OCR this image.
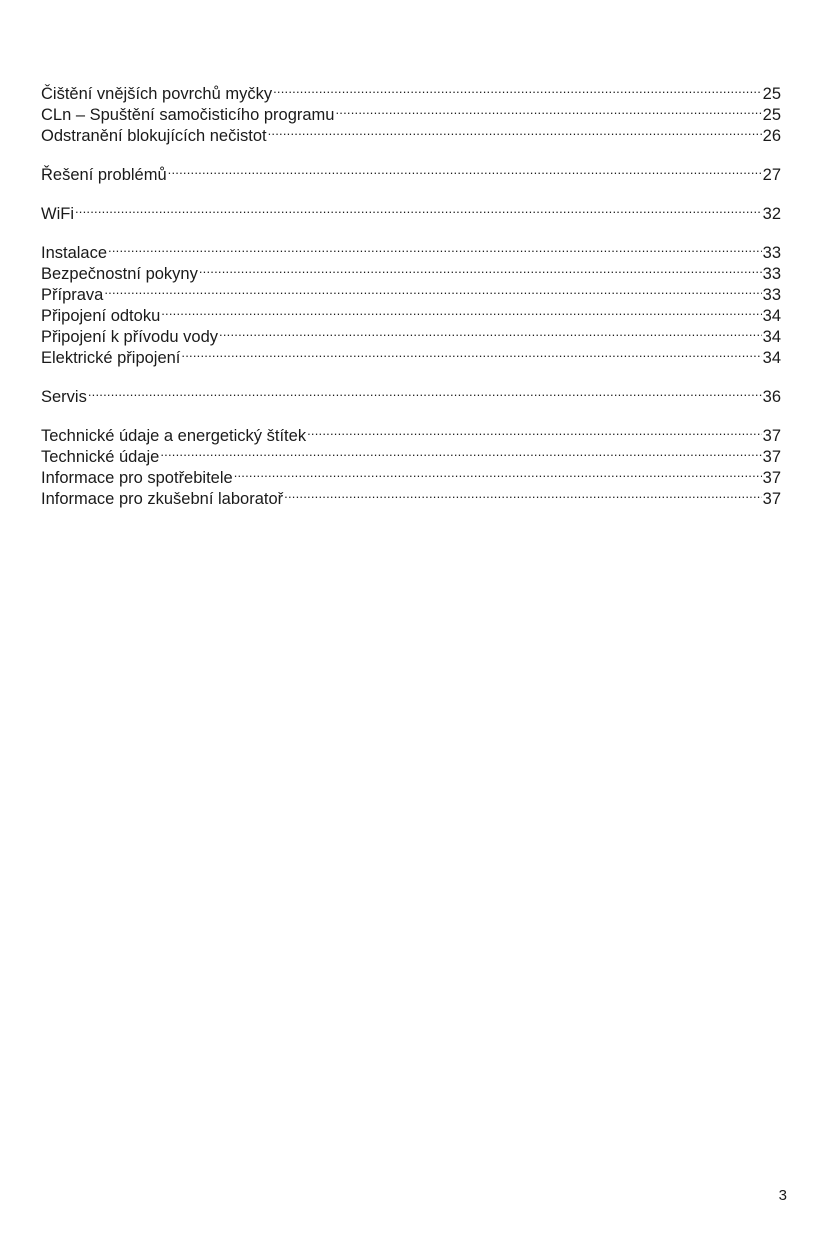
Čištění vnějších povrchů myčky .....	25
CLn – Spuštění samočisticího programu .....	25
Odstranění blokujících nečistot .....	26
Řešení problémů .....	27
WiFi .....	32
Instalace .....	33
Bezpečnostní pokyny .....	33
Příprava .....	33
Připojení odtoku .....	34
Připojení k přívodu vody .....	34
Elektrické připojení .....	34
Servis .....	36
Technické údaje a energetický štítek .....	37
Technické údaje .....	37
Informace pro spotřebitele .....	37
Informace pro zkušební laboratoř .....	37
3
